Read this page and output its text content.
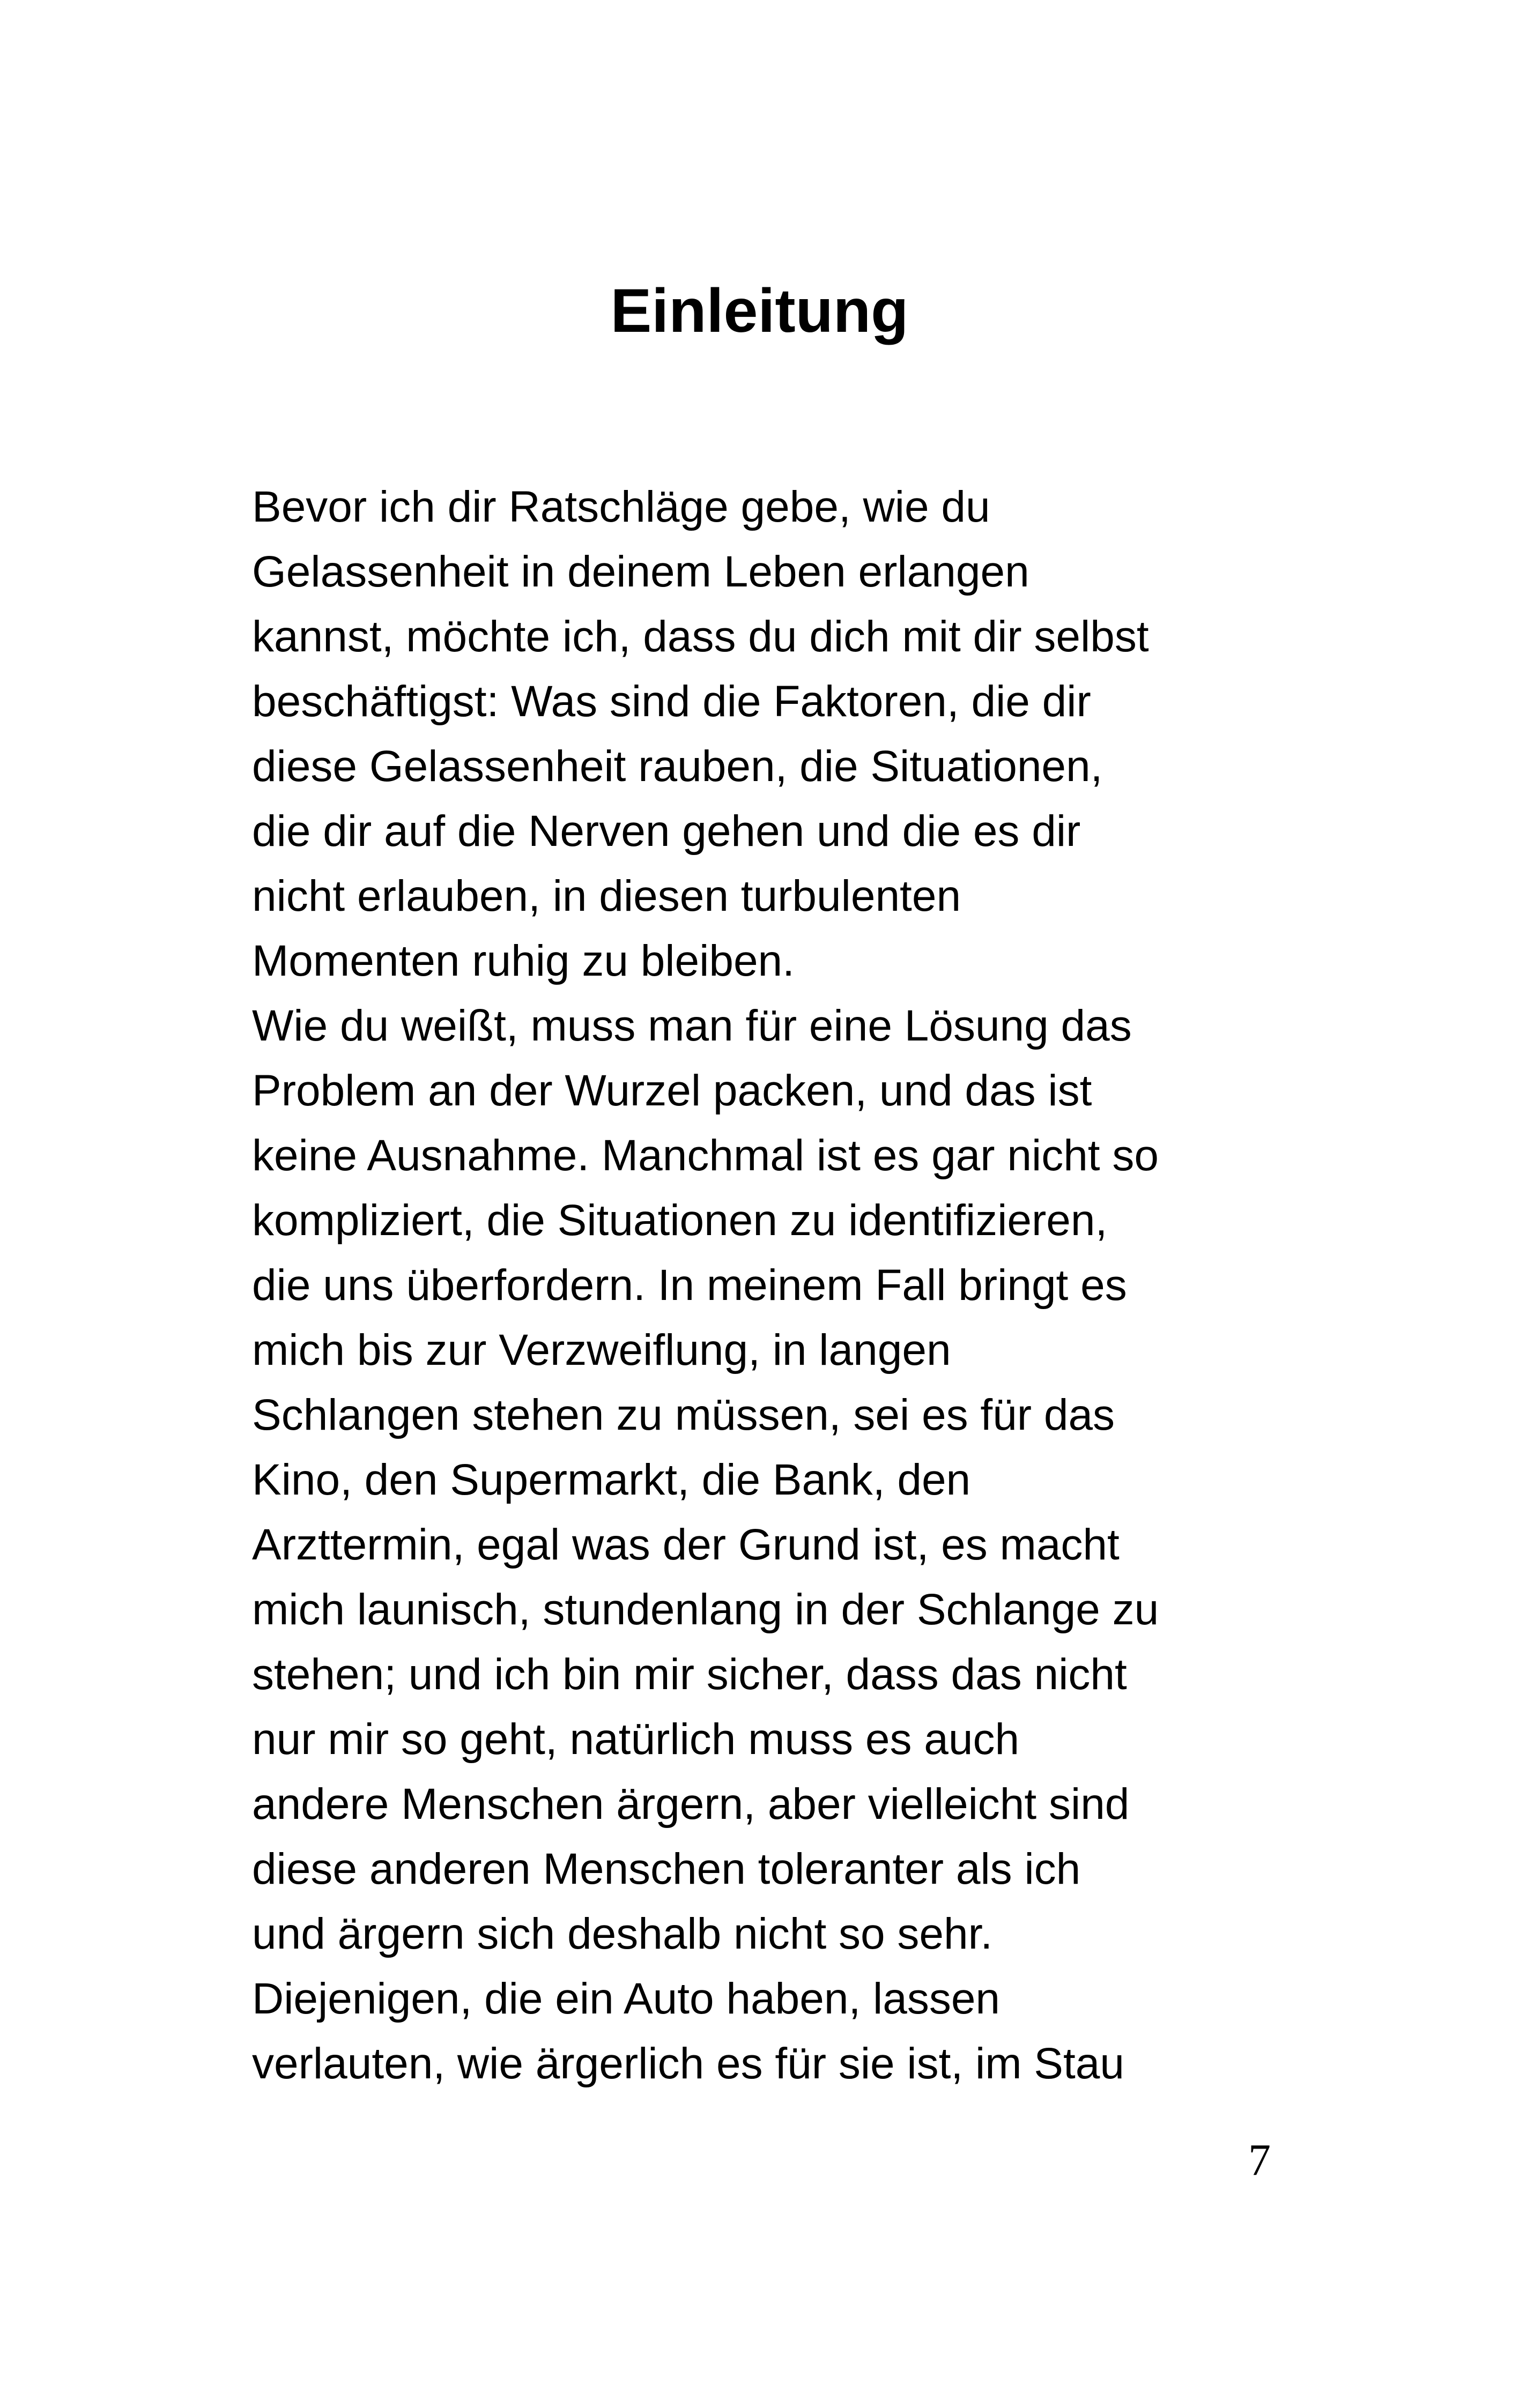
Einleitung
Bevor ich dir Ratschläge gebe, wie du
Gelassenheit in deinem Leben erlangen
kannst, möchte ich, dass du dich mit dir selbst
beschäftigst: Was sind die Faktoren, die dir
diese Gelassenheit rauben, die Situationen,
die dir auf die Nerven gehen und die es dir
nicht erlauben, in diesen turbulenten
Momenten ruhig zu bleiben.
Wie du weißt, muss man für eine Lösung das
Problem an der Wurzel packen, und das ist
keine Ausnahme. Manchmal ist es gar nicht so
kompliziert, die Situationen zu identifizieren,
die uns überfordern. In meinem Fall bringt es
mich bis zur Verzweiflung, in langen
Schlangen stehen zu müssen, sei es für das
Kino, den Supermarkt, die Bank, den
Arzttermin, egal was der Grund ist, es macht
mich launisch, stundenlang in der Schlange zu
stehen; und ich bin mir sicher, dass das nicht
nur mir so geht, natürlich muss es auch
andere Menschen ärgern, aber vielleicht sind
diese anderen Menschen toleranter als ich
und ärgern sich deshalb nicht so sehr.
Diejenigen, die ein Auto haben, lassen
verlauten, wie ärgerlich es für sie ist, im Stau
7
